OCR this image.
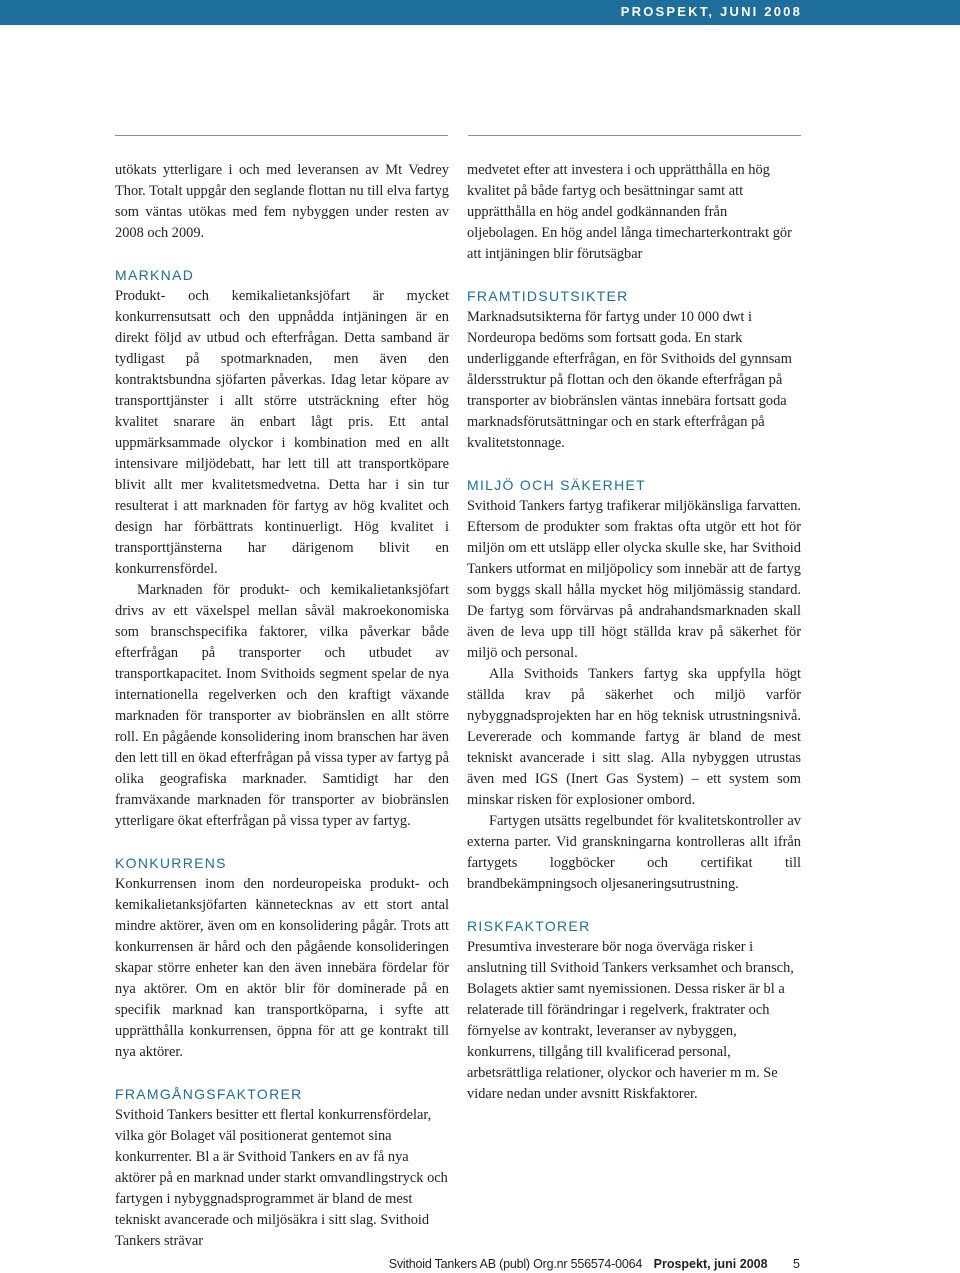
PROSPEKT, JUNI 2008

utökats ytterligare i och med leveransen av Mt Vedrey Thor. Totalt uppgår den seglande flottan nu till elva fartyg som väntas utökas med fem nybyggen under resten av 2008 och 2009.

MARKNAD

Produkt- och kemikalietanksjöfart är mycket konkurrensutsatt och den uppnådda intjäningen är en direkt följd av utbud och efterfrågan. Detta samband är tydligast på spotmarknaden, men även den kontraktsbundna sjöfarten påverkas. Idag letar köpare av transporttjänster i allt större utsträckning efter hög kvalitet snarare än enbart lågt pris. Ett antal uppmärksammade olyckor i kombination med en allt intensivare miljödebatt, har lett till att transportköpare blivit allt mer kvalitetsmedvetna. Detta har i sin tur resulterat i att marknaden för fartyg av hög kvalitet och design har förbättrats kontinuerligt. Hög kvalitet i transporttjänsterna har därigenom blivit en konkurrensfördel.

Marknaden för produkt- och kemikalietanksjöfart drivs av ett växelspel mellan såväl makroekonomiska som branschspecifika faktorer, vilka påverkar både efterfrågan på transporter och utbudet av transportkapacitet. Inom Svithoids segment spelar de nya internationella regelverken och den kraftigt växande marknaden för transporter av biobränslen en allt större roll. En pågående konsolidering inom branschen har även den lett till en ökad efterfrågan på vissa typer av fartyg på olika geografiska marknader. Samtidigt har den framväxande marknaden för transporter av biobränslen ytterligare ökat efterfrågan på vissa typer av fartyg.

KONKURRENS

Konkurrensen inom den nordeuropeiska produkt- och kemikalietanksjöfarten kännetecknas av ett stort antal mindre aktörer, även om en konsolidering pågår. Trots att konkurrensen är hård och den pågående konsolideringen skapar större enheter kan den även innebära fördelar för nya aktörer. Om en aktör blir för dominerade på en specifik marknad kan transportköparna, i syfte att upprätthålla konkurrensen, öppna för att ge kontrakt till nya aktörer.

FRAMGÅNGSFAKTORER

Svithoid Tankers besitter ett flertal konkurrensfördelar, vilka gör Bolaget väl positionerat gentemot sina konkurrenter. Bl a är Svithoid Tankers en av få nya aktörer på en marknad under starkt omvandlingstryck och fartygen i nybyggnadsprogrammet är bland de mest tekniskt avancerade och miljösäkra i sitt slag. Svithoid Tankers strävar

medvetet efter att investera i och upprätthålla en hög kvalitet på både fartyg och besättningar samt att upprätthålla en hög andel godkännanden från oljebolagen. En hög andel långa timecharterkontrakt gör att intjäningen blir förutsägbar

FRAMTIDSUTSIKTER

Marknadsutsikterna för fartyg under 10 000 dwt i Nordeuropa bedöms som fortsatt goda. En stark underliggande efterfrågan, en för Svithoids del gynnsam åldersstruktur på flottan och den ökande efterfrågan på transporter av biobränslen väntas innebära fortsatt goda marknadsförutsättningar och en stark efterfrågan på kvalitetstonnage.

MILJÖ OCH SÄKERHET

Svithoid Tankers fartyg trafikerar miljökänsliga farvatten. Eftersom de produkter som fraktas ofta utgör ett hot för miljön om ett utsläpp eller olycka skulle ske, har Svithoid Tankers utformat en miljöpolicy som innebär att de fartyg som byggs skall hålla mycket hög miljömässig standard. De fartyg som förvärvas på andrahandsmarknaden skall även de leva upp till högt ställda krav på säkerhet för miljö och personal.

Alla Svithoids Tankers fartyg ska uppfylla högt ställda krav på säkerhet och miljö varför nybyggnadsprojekten har en hög teknisk utrustningsnivå. Levererade och kommande fartyg är bland de mest tekniskt avancerade i sitt slag. Alla nybyggen utrustas även med IGS (Inert Gas System) – ett system som minskar risken för explosioner ombord.

Fartygen utsätts regelbundet för kvalitetskontroller av externa parter. Vid granskningarna kontrolleras allt ifrån fartygets loggböcker och certifikat till brandbekämpningsoch oljesaneringsutrustning.

RISKFAKTORER

Presumtiva investerare bör noga överväga risker i anslutning till Svithoid Tankers verksamhet och bransch, Bolagets aktier samt nyemissionen. Dessa risker är bl a relaterade till förändringar i regelverk, fraktrater och förnyelse av kontrakt, leveranser av nybyggen, konkurrens, tillgång till kvalificerad personal, arbetsrättliga relationer, olyckor och haverier m m. Se vidare nedan under avsnitt Riskfaktorer.

Svithoid Tankers AB (publ) Org.nr 556574-0064 Prospekt, juni 2008 5
